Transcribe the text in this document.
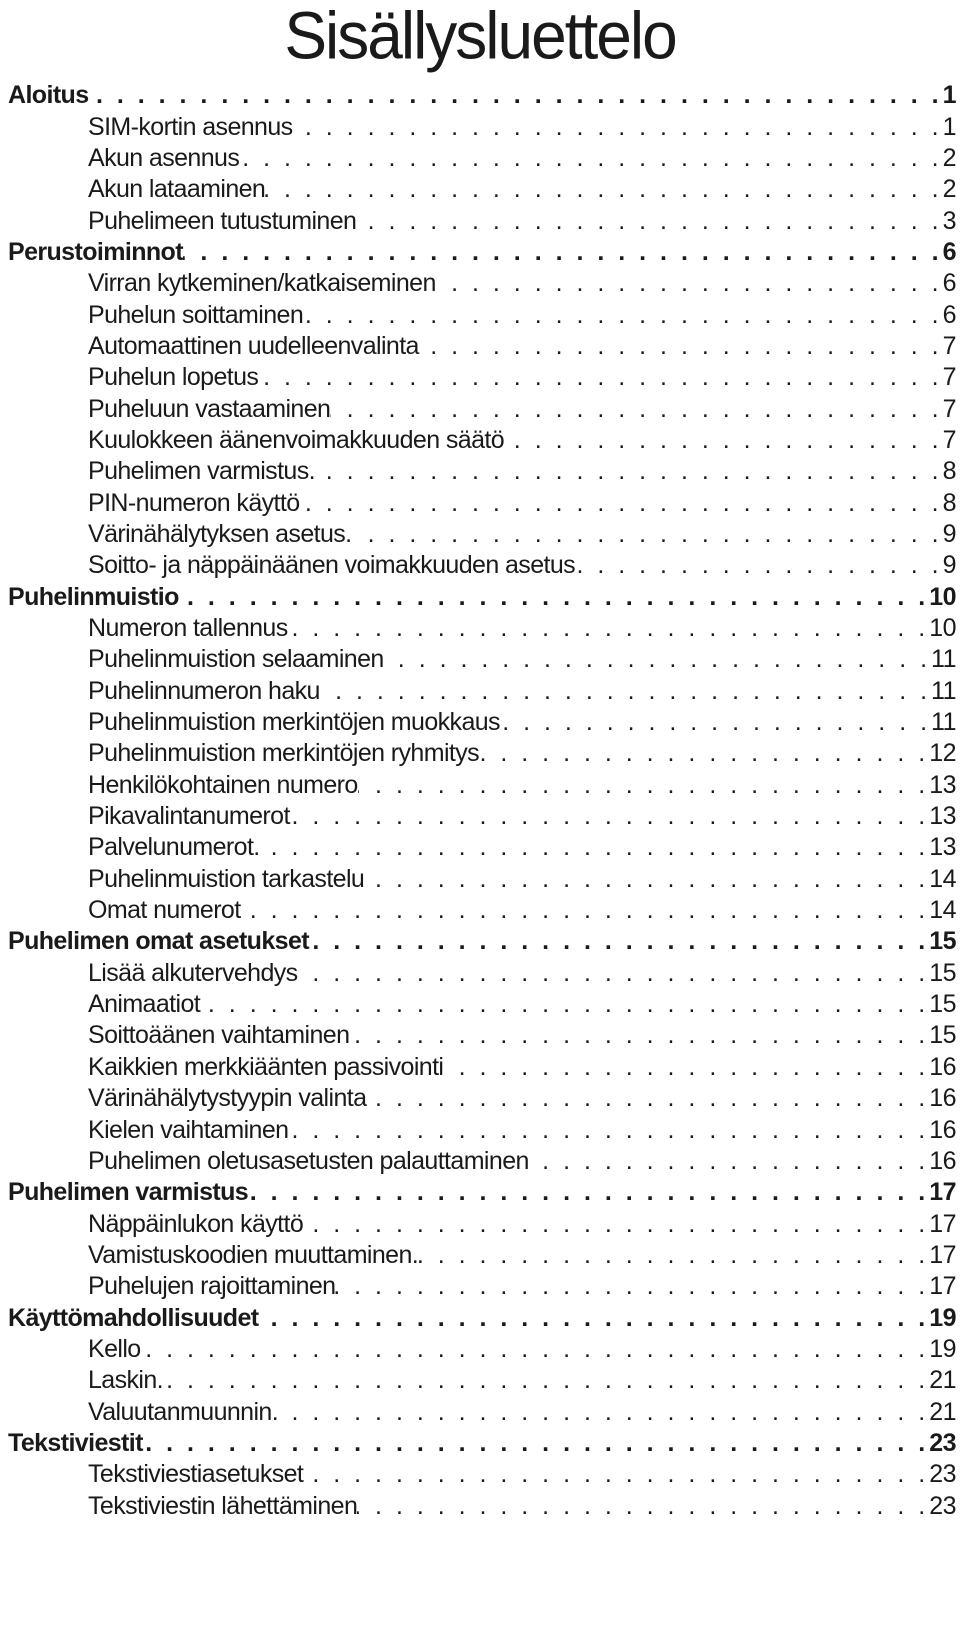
Sisällysluettelo
Aloitus . . .	1
SIM-kortin asennus . . .	1
Akun asennus . . .	2
Akun lataaminen . . .	2
Puhelimeen tutustuminen . . .	3
Perustoiminnot . . .	6
Virran kytkeminen/katkaiseminen . . .	6
Puhelun soittaminen . . .	6
Automaattinen uudelleenvalinta . . .	7
Puhelun lopetus . . .	7
Puheluun vastaaminen . . .	7
Kuulokkeen äänenvoimakkuuden säätö . . .	7
Puhelimen varmistus. . . .	8
PIN-numeron käyttö . . .	8
Värinähälytyksen asetus. . . .	9
Soitto- ja näppäinäänen voimakkuuden asetus . . .	9
Puhelinmuistio . . .	10
Numeron tallennus . . .	10
Puhelinmuistion selaaminen . . .	11
Puhelinnumeron haku . . .	11
Puhelinmuistion merkintöjen muokkaus . . .	11
Puhelinmuistion merkintöjen ryhmitys . . .	12
Henkilökohtainen numero . . .	13
Pikavalintanumerot . . .	13
Palvelunumerot. . . .	13
Puhelinmuistion tarkastelu . . .	14
Omat numerot . . .	14
Puhelimen omat asetukset . . .	15
Lisää alkutervehdys . . .	15
Animaatiot . . .	15
Soittoäänen vaihtaminen . . .	15
Kaikkien merkkiäänten passivointi . . .	16
Värinähälytystyypin valinta . . .	16
Kielen vaihtaminen . . .	16
Puhelimen oletusasetusten palauttaminen . . .	16
Puhelimen varmistus . . .	17
Näppäinlukon käyttö . . .	17
Vamistuskoodien muuttaminen. . . .	17
Puhelujen rajoittaminen . . .	17
Käyttömahdollisuudet . . .	19
Kello . . .	19
Laskin. . . .	21
Valuutanmuunnin. . . .	21
Tekstiviestit . . .	23
Tekstiviestiasetukset . . .	23
Tekstiviestin lähettäminen . . .	23
